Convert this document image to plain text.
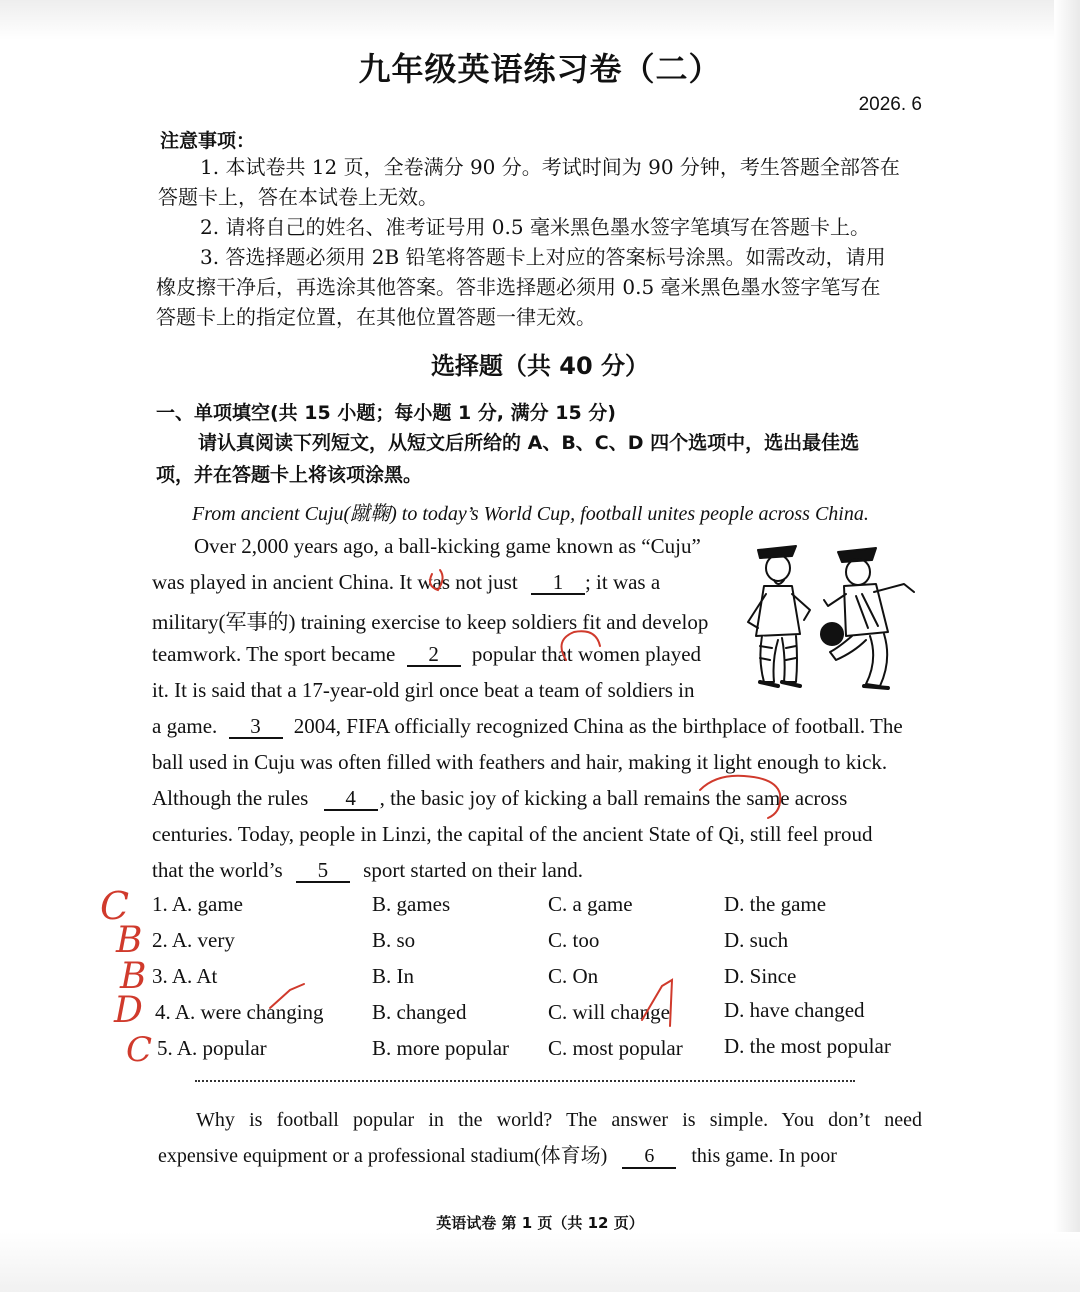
九年级英语练习卷（二）
2026. 6
注意事项：
1. 本试卷共 12 页，全卷满分 90 分。考试时间为 90 分钟，考生答题全部答在
答题卡上，答在本试卷上无效。
2. 请将自己的姓名、准考证号用 0.5 毫米黑色墨水签字笔填写在答题卡上。
3. 答选择题必须用 2B 铅笔将答题卡上对应的答案标号涂黑。如需改动，请用
橡皮擦干净后，再选涂其他答案。答非选择题必须用 0.5 毫米黑色墨水签字笔写在
答题卡上的指定位置，在其他位置答题一律无效。
选择题（共 40 分）
一、单项填空(共 15 小题；每小题 1 分, 满分 15 分)
请认真阅读下列短文，从短文后所给的 A、B、C、D 四个选项中，选出最佳选
项，并在答题卡上将该项涂黑。
From ancient Cuju(蹴鞠) to today’s World Cup, football unites people across China.
Over 2,000 years ago, a ball-kicking game known as “Cuju”
was played in ancient China. It was not just 1 ; it was a
military(军事的) training exercise to keep soldiers fit and develop
teamwork. The sport became 2 popular that women played
it. It is said that a 17-year-old girl once beat a team of soldiers in
a game. 3 2004, FIFA officially recognized China as the birthplace of football. The
ball used in Cuju was often filled with feathers and hair, making it light enough to kick.
Although the rules 4 , the basic joy of kicking a ball remains the same across
centuries. Today, people in Linzi, the capital of the ancient State of Qi, still feel proud
that the world’s 5 sport started on their land.
1. A. game	B. games	C. a game	D. the game
2. A. very	B. so	C. too	D. such
3. A. At	B. In	C. On	D. Since
4. A. were changing B. changed	C. will change	D. have changed
5. A. popular	B. more popular C. most popular D. the most popular
C
B
B
D
C
Why is football popular in the world? The answer is simple. You don’t need
expensive equipment or a professional stadium(体育场) 6 this game. In poor
英语试卷 第 1 页（共 12 页）
